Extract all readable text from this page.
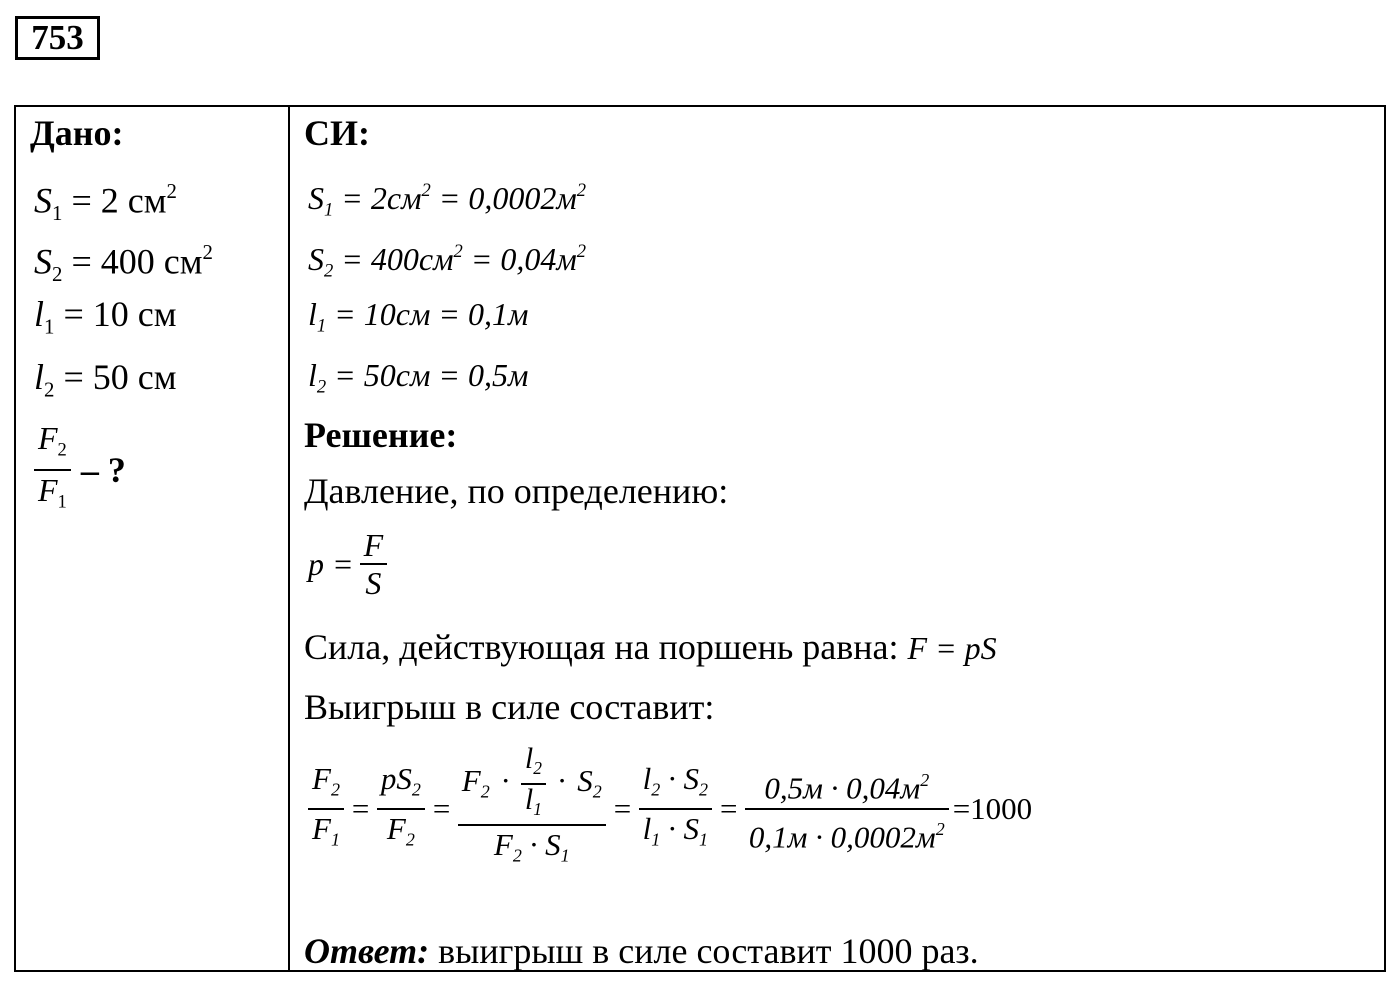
753
Дано:
$S_1 = 2$ $см^2$
$S_2 = 400$ $см^2$
$l_1 = 10$ см
$l_2 = 50$ см
$\frac{F_2}{F_1}$ – ?
СИ:
$S_1 = 2см^2 = 0,0002м^2$
$S_2 = 400см^2 = 0,04м^2$
$l_1 = 10см = 0,1м$
$l_2 = 50см = 0,5м$
Решение:
Давление, по определению:
$p = \frac{F}{S}$
Сила, действующая на поршень равна: F = pS
Выигрыш в силе составит:
$\frac{F_2}{F_1} = \frac{pS_2}{F_2}$ =
$F_2 \cdot \frac{l_2}{l_1} \cdot S_2$
$F_2 \cdot S_1$
= $\frac{l_2 \cdot S_2}{l_1 \cdot S_1} = \frac{0,5м \cdot 0,04м^2}{0,1м \cdot 0,0002м^2} =1000$
Ответ: выигрыш в силе составит 1000 раз.
